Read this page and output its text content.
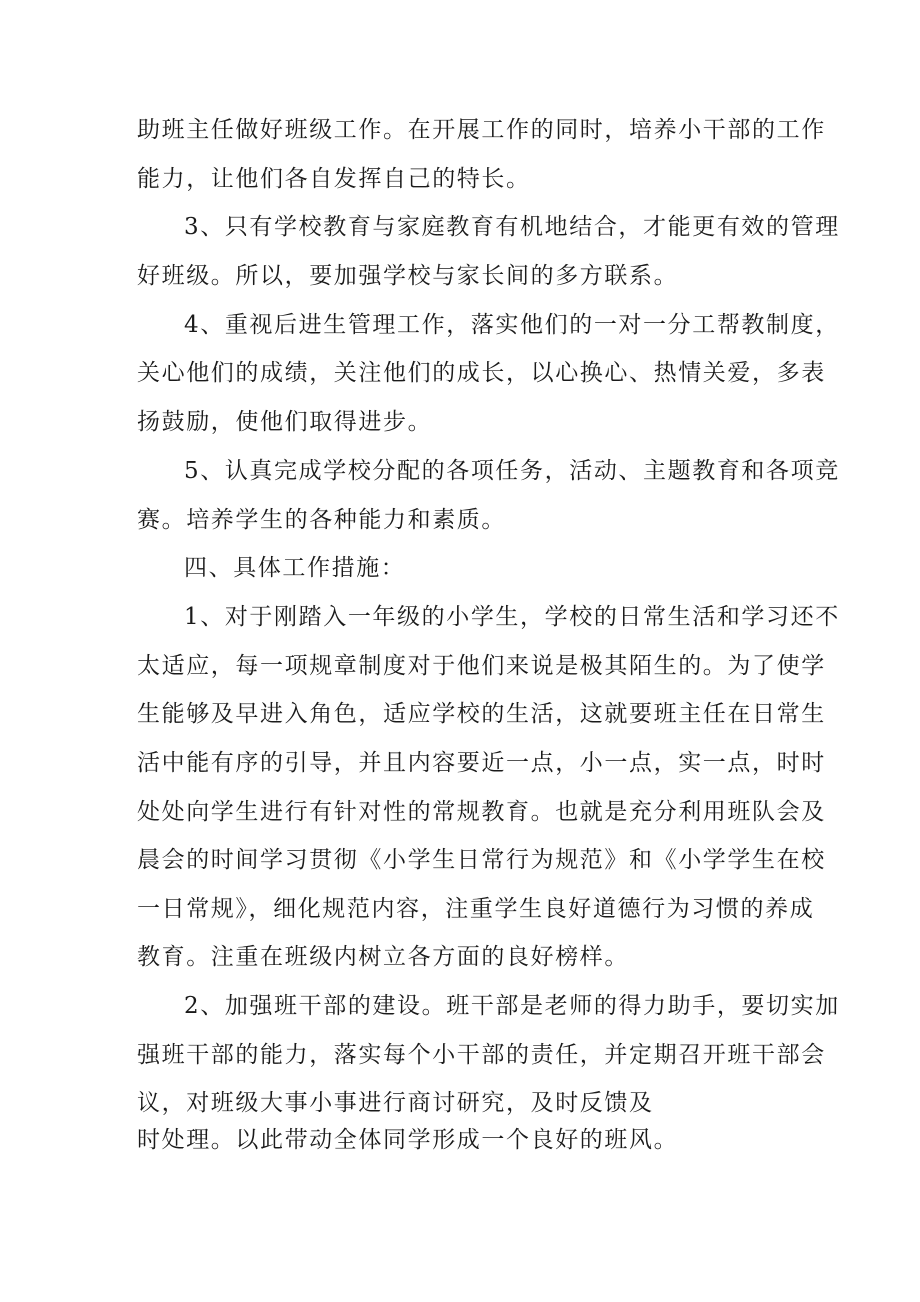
助班主任做好班级工作。在开展工作的同时，培养小干部的工作
能力，让他们各自发挥自己的特长。
3、只有学校教育与家庭教育有机地结合，才能更有效的管理
好班级。所以，要加强学校与家长间的多方联系。
4、重视后进生管理工作，落实他们的一对一分工帮教制度，
关心他们的成绩，关注他们的成长，以心换心、热情关爱，多表
扬鼓励，使他们取得进步。
5、认真完成学校分配的各项任务，活动、主题教育和各项竞
赛。培养学生的各种能力和素质。
四、具体工作措施：
1、对于刚踏入一年级的小学生，学校的日常生活和学习还不
太适应，每一项规章制度对于他们来说是极其陌生的。为了使学
生能够及早进入角色，适应学校的生活，这就要班主任在日常生
活中能有序的引导，并且内容要近一点，小一点，实一点，时时
处处向学生进行有针对性的常规教育。也就是充分利用班队会及
晨会的时间学习贯彻《小学生日常行为规范》和《小学学生在校
一日常规》，细化规范内容，注重学生良好道德行为习惯的养成
教育。注重在班级内树立各方面的良好榜样。
2、加强班干部的建设。班干部是老师的得力助手，要切实加
强班干部的能力，落实每个小干部的责任，并定期召开班干部会
议，对班级大事小事进行商讨研究，及时反馈及
时处理。以此带动全体同学形成一个良好的班风。
